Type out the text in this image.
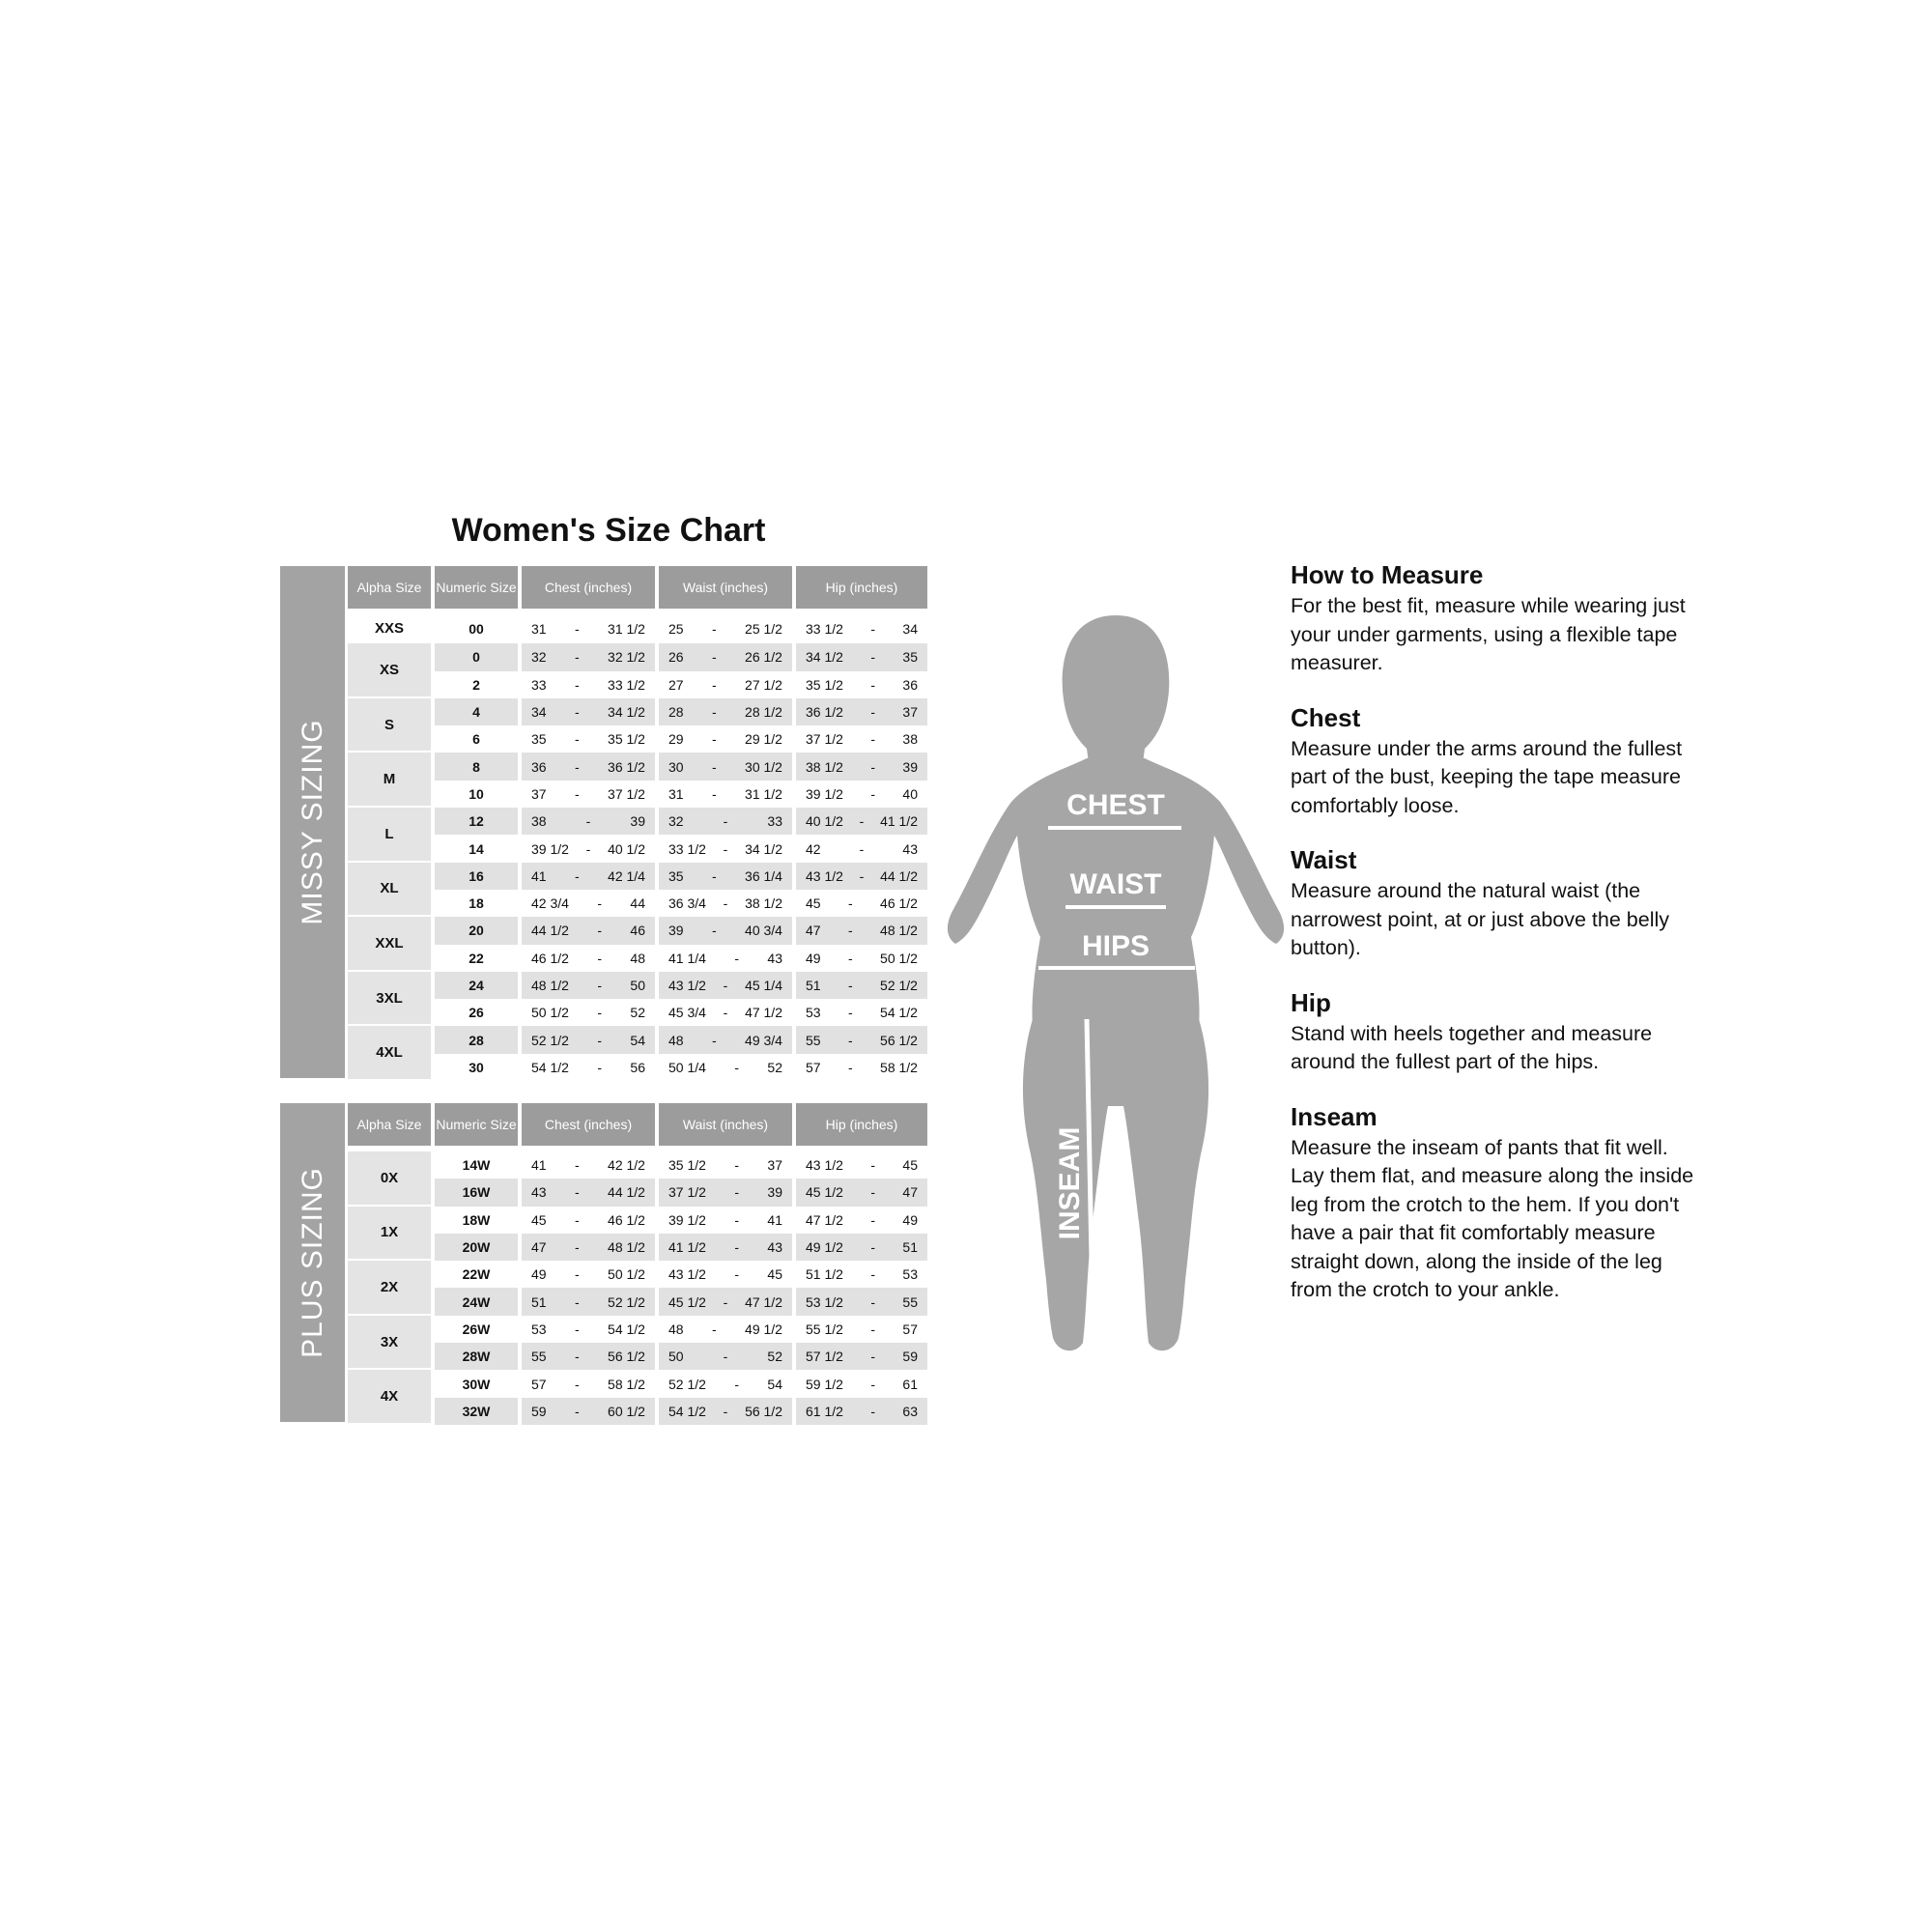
Women's Size Chart
MISSY SIZING
Alpha Size	Numeric Size	Chest (inches)	Waist (inches)	Hip (inches)
XXS	00	31 - 31 1/2	25 - 25 1/2	33 1/2 - 34

XS	0	32 - 32 1/2	26 - 26 1/2	34 1/2 - 35

	2	33 - 33 1/2	27 - 27 1/2	35 1/2 - 36

S	4	34 - 34 1/2	28 - 28 1/2	36 1/2 - 37

	6	35 - 35 1/2	29 - 29 1/2	37 1/2 - 38

M	8	36 - 36 1/2	30 - 30 1/2	38 1/2 - 39

	10	37 - 37 1/2	31 - 31 1/2	39 1/2 - 40

L	12	38 - 39	32 - 33	40 1/2 - 41 1/2

	14	39 1/2 - 40 1/2	33 1/2 - 34 1/2	42 - 43

XL	16	41 - 42 1/4	35 - 36 1/4	43 1/2 - 44 1/2

	18	42 3/4 - 44	36 3/4 - 38 1/2	45 - 46 1/2

XXL	20	44 1/2 - 46	39 - 40 3/4	47 - 48 1/2

	22	46 1/2 - 48	41 1/4 - 43	49 - 50 1/2

3XL	24	48 1/2 - 50	43 1/2 - 45 1/4	51 - 52 1/2

	26	50 1/2 - 52	45 3/4 - 47 1/2	53 - 54 1/2

4XL	28	52 1/2 - 54	48 - 49 3/4	55 - 56 1/2

	30	54 1/2 - 56	50 1/4 - 52	57 - 58 1/2
PLUS SIZING
Alpha Size	Numeric Size	Chest (inches)	Waist (inches)	Hip (inches)
0X	14W	41 - 42 1/2	35 1/2 - 37	43 1/2 - 45

	16W	43 - 44 1/2	37 1/2 - 39	45 1/2 - 47

1X	18W	45 - 46 1/2	39 1/2 - 41	47 1/2 - 49

	20W	47 - 48 1/2	41 1/2 - 43	49 1/2 - 51

2X	22W	49 - 50 1/2	43 1/2 - 45	51 1/2 - 53

	24W	51 - 52 1/2	45 1/2 - 47 1/2	53 1/2 - 55

3X	26W	53 - 54 1/2	48 - 49 1/2	55 1/2 - 57

	28W	55 - 56 1/2	50 - 52	57 1/2 - 59

4X	30W	57 - 58 1/2	52 1/2 - 54	59 1/2 - 61

	32W	59 - 60 1/2	54 1/2 - 56 1/2	61 1/2 - 63
CHEST
WAIST
HIPS
INSEAM

How to Measure

For the best fit, measure while wearing just your under garments, using a flexible tape measurer.

Chest

Measure under the arms around the fullest part of the bust, keeping the tape measure comfortably loose.

Waist

Measure around the natural waist (the narrowest point, at or just above the belly button).

Hip

Stand with heels together and measure around the fullest part of the hips.

Inseam

Measure the inseam of pants that fit well. Lay them flat, and measure along the inside leg from the crotch to the hem. If you don't have a pair that fit comfortably measure straight down, along the inside of the leg from the crotch to your ankle.
